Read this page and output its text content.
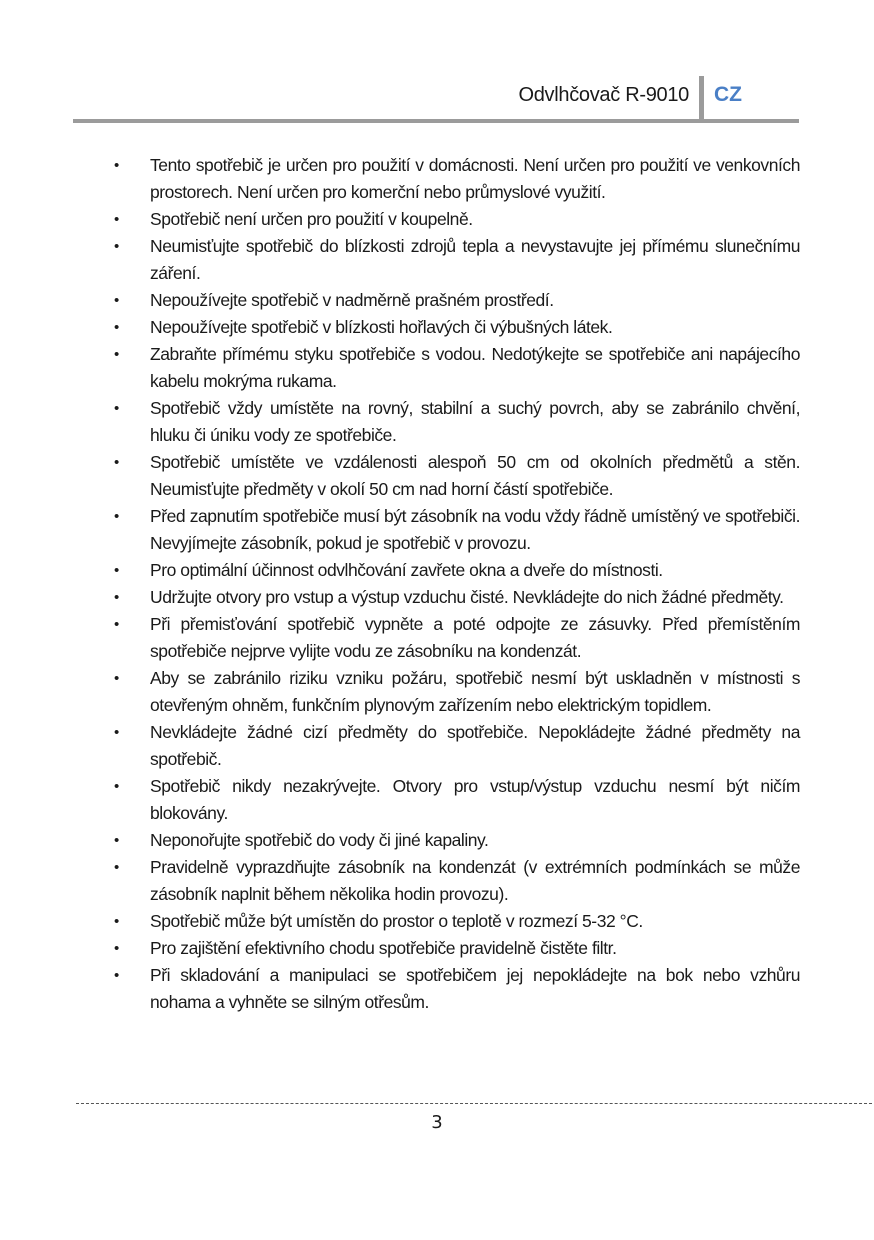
Odvlhčovač R-9010 CZ
•	Tento spotřebič je určen pro použití v domácnosti. Není určen pro použití ve venkovních prostorech. Není určen pro komerční nebo průmyslové využití.
•	Spotřebič není určen pro použití v koupelně.
•	Neumisťujte spotřebič do blízkosti zdrojů tepla a nevystavujte jej přímému slunečnímu záření.
•	Nepoužívejte spotřebič v nadměrně prašném prostředí.
•	Nepoužívejte spotřebič v blízkosti hořlavých či výbušných látek.
•	Zabraňte přímému styku spotřebiče s vodou. Nedotýkejte se spotřebiče ani napájecího kabelu mokrýma rukama.
•	Spotřebič vždy umístěte na rovný, stabilní a suchý povrch, aby se zabránilo chvění, hluku či úniku vody ze spotřebiče.
•	Spotřebič umístěte ve vzdálenosti alespoň 50 cm od okolních předmětů a stěn. Neumisťujte předměty v okolí 50 cm nad horní částí spotřebiče.
•	Před zapnutím spotřebiče musí být zásobník na vodu vždy řádně umístěný ve spotřebiči. Nevyjímejte zásobník, pokud je spotřebič v provozu.
•	Pro optimální účinnost odvlhčování zavřete okna a dveře do místnosti.
•	Udržujte otvory pro vstup a výstup vzduchu čisté. Nevkládejte do nich žádné předměty.
•	Při přemisťování spotřebič vypněte a poté odpojte ze zásuvky. Před přemístěním spotřebiče nejprve vylijte vodu ze zásobníku na kondenzát.
•	Aby se zabránilo riziku vzniku požáru, spotřebič nesmí být uskladněn v místnosti s otevřeným ohněm, funkčním plynovým zařízením nebo elektrickým topidlem.
•	Nevkládejte žádné cizí předměty do spotřebiče. Nepokládejte žádné předměty na spotřebič.
•	Spotřebič nikdy nezakrývejte. Otvory pro vstup/výstup vzduchu nesmí být ničím blokovány.
•	Neponořujte spotřebič do vody či jiné kapaliny.
•	Pravidelně vyprazdňujte zásobník na kondenzát (v extrémních podmínkách se může zásobník naplnit během několika hodin provozu).
•	Spotřebič může být umístěn do prostor o teplotě v rozmezí 5-32 °C.
•	Pro zajištění efektivního chodu spotřebiče pravidelně čistěte filtr.
•	Při skladování a manipulaci se spotřebičem jej nepokládejte na bok nebo vzhůru nohama a vyhněte se silným otřesům.
3
